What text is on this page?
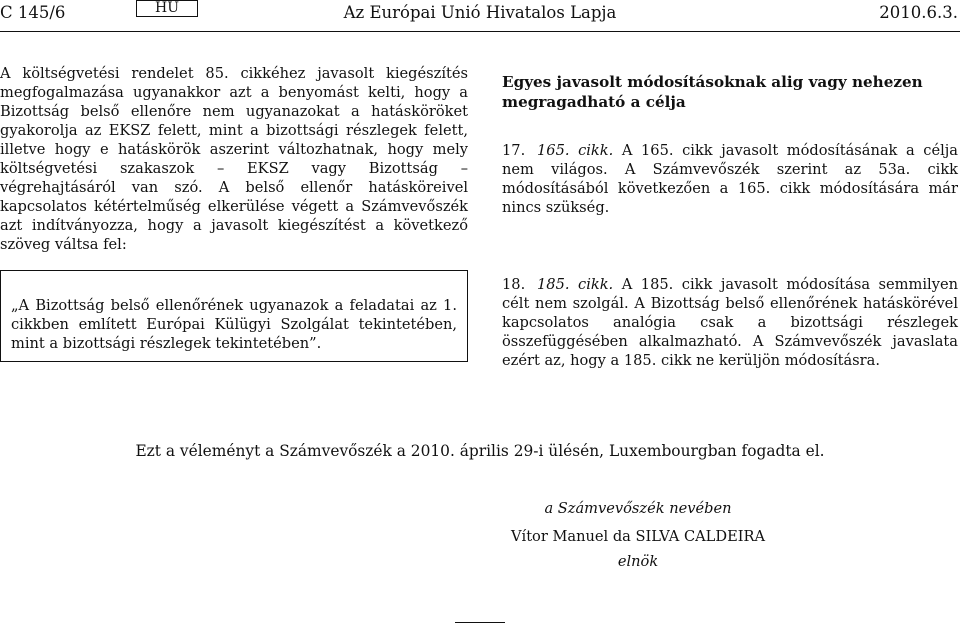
C 145/6	HU	Az Európai Unió Hivatalos Lapja	2010.6.3.
A költségvetési rendelet 85. cikkéhez javasolt kiegészítés megfogalmazása ugyanakkor azt a benyomást kelti, hogy a Bizottság belső ellenőre nem ugyanazokat a hatásköröket gyakorolja az EKSZ felett, mint a bizottsági részlegek felett, illetve hogy e hatáskörök aszerint változhatnak, hogy mely költségvetési szakaszok – EKSZ vagy Bizottság – végrehajtásáról van szó. A belső ellenőr hatásköreivel kapcsolatos kétértelműség elkerülése végett a Számvevőszék azt indítványozza, hogy a javasolt kiegészítést a következő szöveg váltsa fel:
„A Bizottság belső ellenőrének ugyanazok a feladatai az 1. cikkben említett Európai Külügyi Szolgálat tekintetében, mint a bizottsági részlegek tekintetében”.
Egyes javasolt módosításoknak alig vagy nehezen megragadható a célja
17. 165. cikk. A 165. cikk javasolt módosításának a célja nem világos. A Számvevőszék szerint az 53a. cikk módosításából következően a 165. cikk módosítására már nincs szükség.
18. 185. cikk. A 185. cikk javasolt módosítása semmilyen célt nem szolgál. A Bizottság belső ellenőrének hatáskörével kapcsolatos analógia csak a bizottsági részlegek összefüggésében alkalmazható. A Számvevőszék javaslata ezért az, hogy a 185. cikk ne kerüljön módosításra.
Ezt a véleményt a Számvevőszék a 2010. április 29-i ülésén, Luxembourgban fogadta el.
a Számvevőszék nevében
Vítor Manuel da SILVA CALDEIRA
elnök
